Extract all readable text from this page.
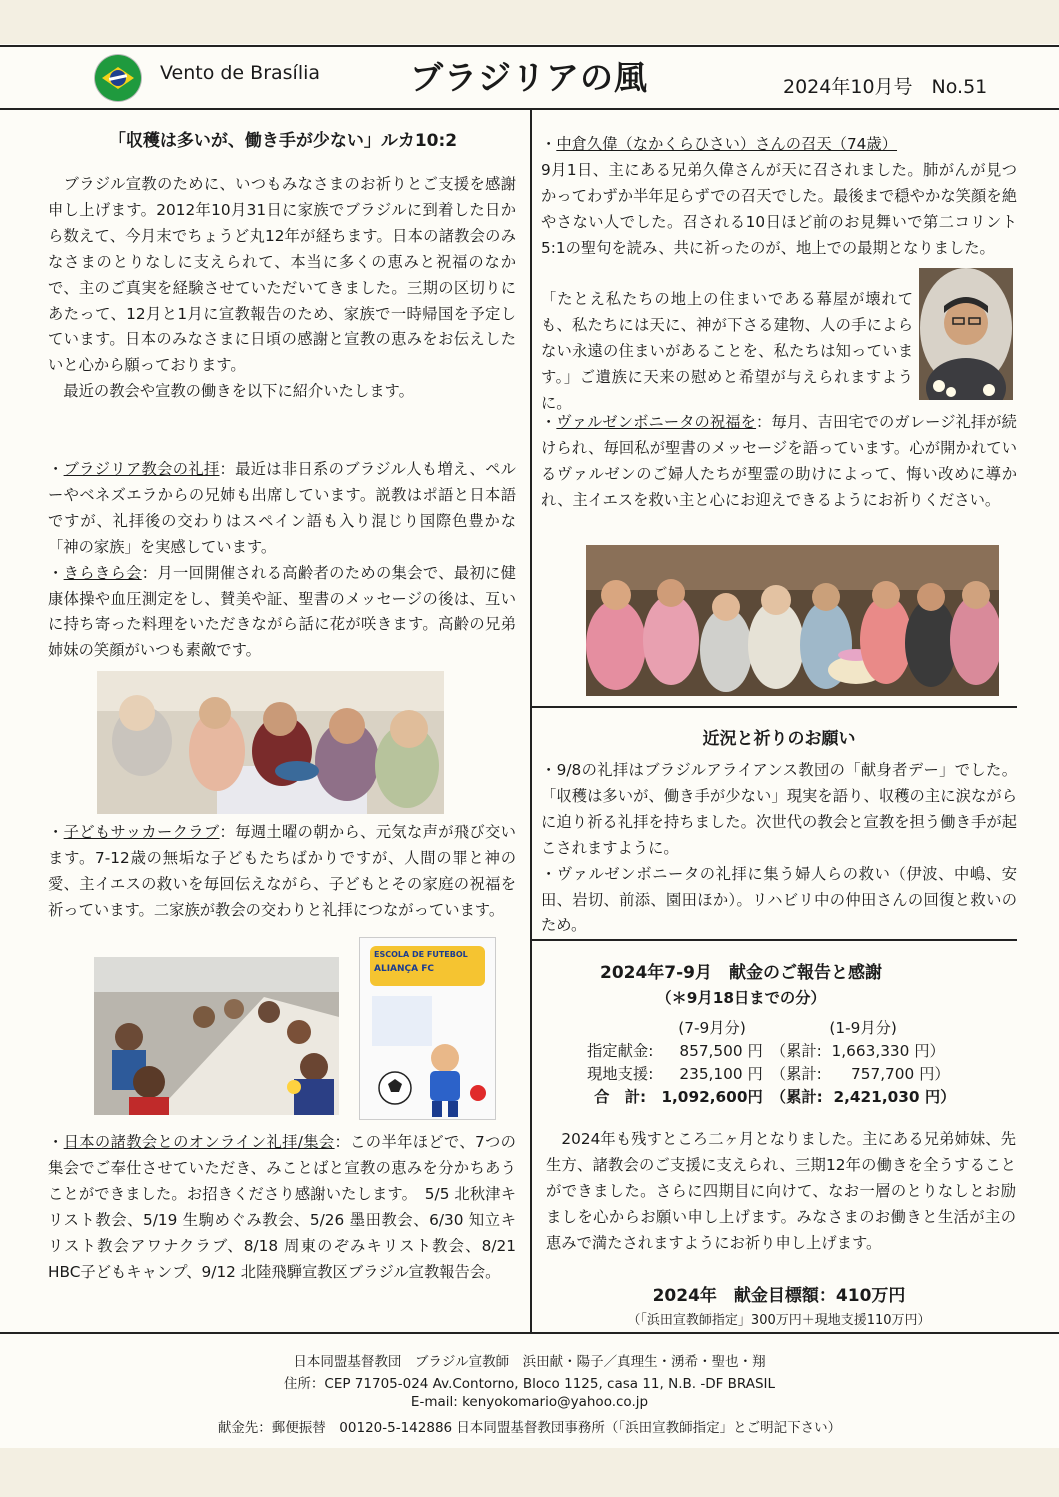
Vento de Brasília	ブラジリアの風	2024年10月号　No.51
「収穫は多いが、働き手が少ない」ルカ10:2
　ブラジル宣教のために、いつもみなさまのお祈りとご支援を感謝申し上げます。2012年10月31日に家族でブラジルに到着した日から数えて、今月末でちょうど丸12年が経ちます。日本の諸教会のみなさまのとりなしに支えられて、本当に多くの恵みと祝福のなかで、主のご真実を経験させていただいてきました。三期の区切りにあたって、12月と1月に宣教報告のため、家族で一時帰国を予定しています。日本のみなさまに日頃の感謝と宣教の恵みをお伝えしたいと心から願っております。
　最近の教会や宣教の働きを以下に紹介いたします。
・ブラジリア教会の礼拝：最近は非日系のブラジル人も増え、ペルーやベネズエラからの兄姉も出席しています。説教はポ語と日本語ですが、礼拝後の交わりはスペイン語も入り混じり国際色豊かな「神の家族」を実感しています。
・きらきら会：月一回開催される高齢者のための集会で、最初に健康体操や血圧測定をし、賛美や証、聖書のメッセージの後は、互いに持ち寄った料理をいただきながら話に花が咲きます。高齢の兄弟姉妹の笑顔がいつも素敵です。
・子どもサッカークラブ：毎週土曜の朝から、元気な声が飛び交います。7-12歳の無垢な子どもたちばかりですが、人間の罪と神の愛、主イエスの救いを毎回伝えながら、子どもとその家庭の祝福を祈っています。二家族が教会の交わりと礼拝につながっています。
ESCOLA DE FUTEBOL
ALIANÇA FC
・日本の諸教会とのオンライン礼拝/集会：この半年ほどで、7つの集会でご奉仕させていただき、みことばと宣教の恵みを分かちあうことができました。お招きくださり感謝いたします。　5/5 北秋津キリスト教会、5/19 生駒めぐみ教会、5/26 墨田教会、6/30 知立キリスト教会アワナクラブ、8/18 周東のぞみキリスト教会、8/21 HBC子どもキャンプ、9/12 北陸飛騨宣教区ブラジル宣教報告会。
・中倉久偉（なかくらひさい）さんの召天（74歳）
9月1日、主にある兄弟久偉さんが天に召されました。肺がんが見つかってわずか半年足らずでの召天でした。最後まで穏やかな笑顔を絶やさない人でした。召される10日ほど前のお見舞いで第二コリント5:1の聖句を読み、共に祈ったのが、地上での最期となりました。
「たとえ私たちの地上の住まいである幕屋が壊れても、私たちには天に、神が下さる建物、人の手によらない永遠の住まいがあることを、私たちは知っています。」ご遺族に天来の慰めと希望が与えられますように。
・ヴァルゼンボニータの祝福を：毎月、吉田宅でのガレージ礼拝が続けられ、毎回私が聖書のメッセージを語っています。心が開かれているヴァルゼンのご婦人たちが聖霊の助けによって、悔い改めに導かれ、主イエスを救い主と心にお迎えできるようにお祈りください。
近況と祈りのお願い
・9/8の礼拝はブラジルアライアンス教団の「献身者デー」でした。「収穫は多いが、働き手が少ない」現実を語り、収穫の主に涙ながらに迫り祈る礼拝を持ちました。次世代の教会と宣教を担う働き手が起こされますように。
・ヴァルゼンボニータの礼拝に集う婦人らの救い（伊波、中嶋、安田、岩切、前添、園田ほか）。リハビリ中の仲田さんの回復と救いのため。
2024年7-9月　献金のご報告と感謝
（＊9月18日までの分）
	(7-9月分)	(1-9月分)
指定献金:	857,500 円	（累計:  1,663,330 円）
現地支援:	235,100 円	（累計:      757,700 円）
合　計:	1,092,600円	（累計:  2,421,030 円）
　2024年も残すところ二ヶ月となりました。主にある兄弟姉妹、先生方、諸教会のご支援に支えられ、三期12年の働きを全うすることができました。さらに四期目に向けて、なお一層のとりなしとお励ましを心からお願い申し上げます。みなさまのお働きと生活が主の恵みで満たされますようにお祈り申し上げます。
2024年　献金目標額：410万円
（「浜田宣教師指定」300万円＋現地支援110万円）
日本同盟基督教団　ブラジル宣教師　浜田献・陽子／真理生・湧希・聖也・翔
住所：CEP 71705-024 Av.Contorno, Bloco 1125, casa 11, N.B. -DF BRASIL
E-mail: kenyokomario@yahoo.co.jp
献金先：郵便振替　00120-5-142886 日本同盟基督教団事務所（「浜田宣教師指定」とご明記下さい）
